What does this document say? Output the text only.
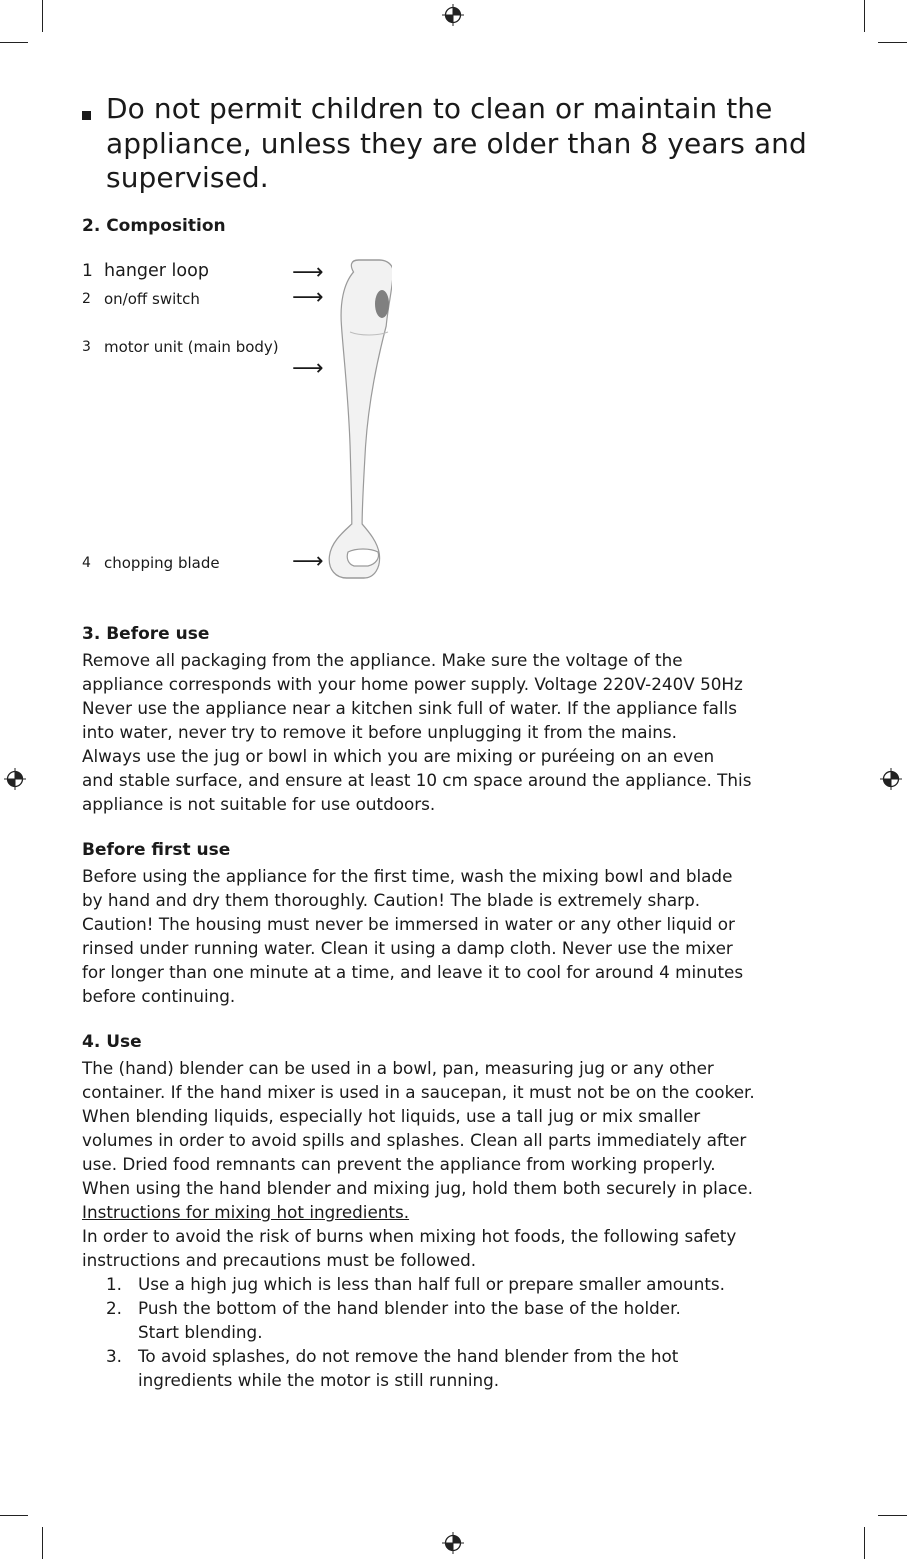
Do not permit children to clean or maintain the appliance, unless they are older than 8 years and supervised.
2. Composition
1 hanger loop	⟶
2 on/off switch	⟶
3 motor unit (main body)
⟶
4 chopping blade	⟶
3. Before use

Remove all packaging from the appliance. Make sure the voltage of the

appliance corresponds with your home power supply. Voltage 220V-240V 50Hz

Never use the appliance near a kitchen sink full of water. If the appliance falls

into water, never try to remove it before unplugging it from the mains.

Always use the jug or bowl in which you are mixing or puréeing on an even

and stable surface, and ensure at least 10 cm space around the appliance. This

appliance is not suitable for use outdoors.

Before first use

Before using the appliance for the first time, wash the mixing bowl and blade

by hand and dry them thoroughly. Caution! The blade is extremely sharp.

Caution! The housing must never be immersed in water or any other liquid or

rinsed under running water. Clean it using a damp cloth. Never use the mixer

for longer than one minute at a time, and leave it to cool for around 4 minutes

before continuing.

4. Use

The (hand) blender can be used in a bowl, pan, measuring jug or any other

container. If the hand mixer is used in a saucepan, it must not be on the cooker.

When blending liquids, especially hot liquids, use a tall jug or mix smaller

volumes in order to avoid spills and splashes. Clean all parts immediately after

use. Dried food remnants can prevent the appliance from working properly.

When using the hand blender and mixing jug, hold them both securely in place.

Instructions for mixing hot ingredients.

In order to avoid the risk of burns when mixing hot foods, the following safety

instructions and precautions must be followed.

1. Use a high jug which is less than half full or prepare smaller amounts.
2. Push the bottom of the hand blender into the base of the holder.
Start blending.
3. To avoid splashes, do not remove the hand blender from the hot
ingredients while the motor is still running.
